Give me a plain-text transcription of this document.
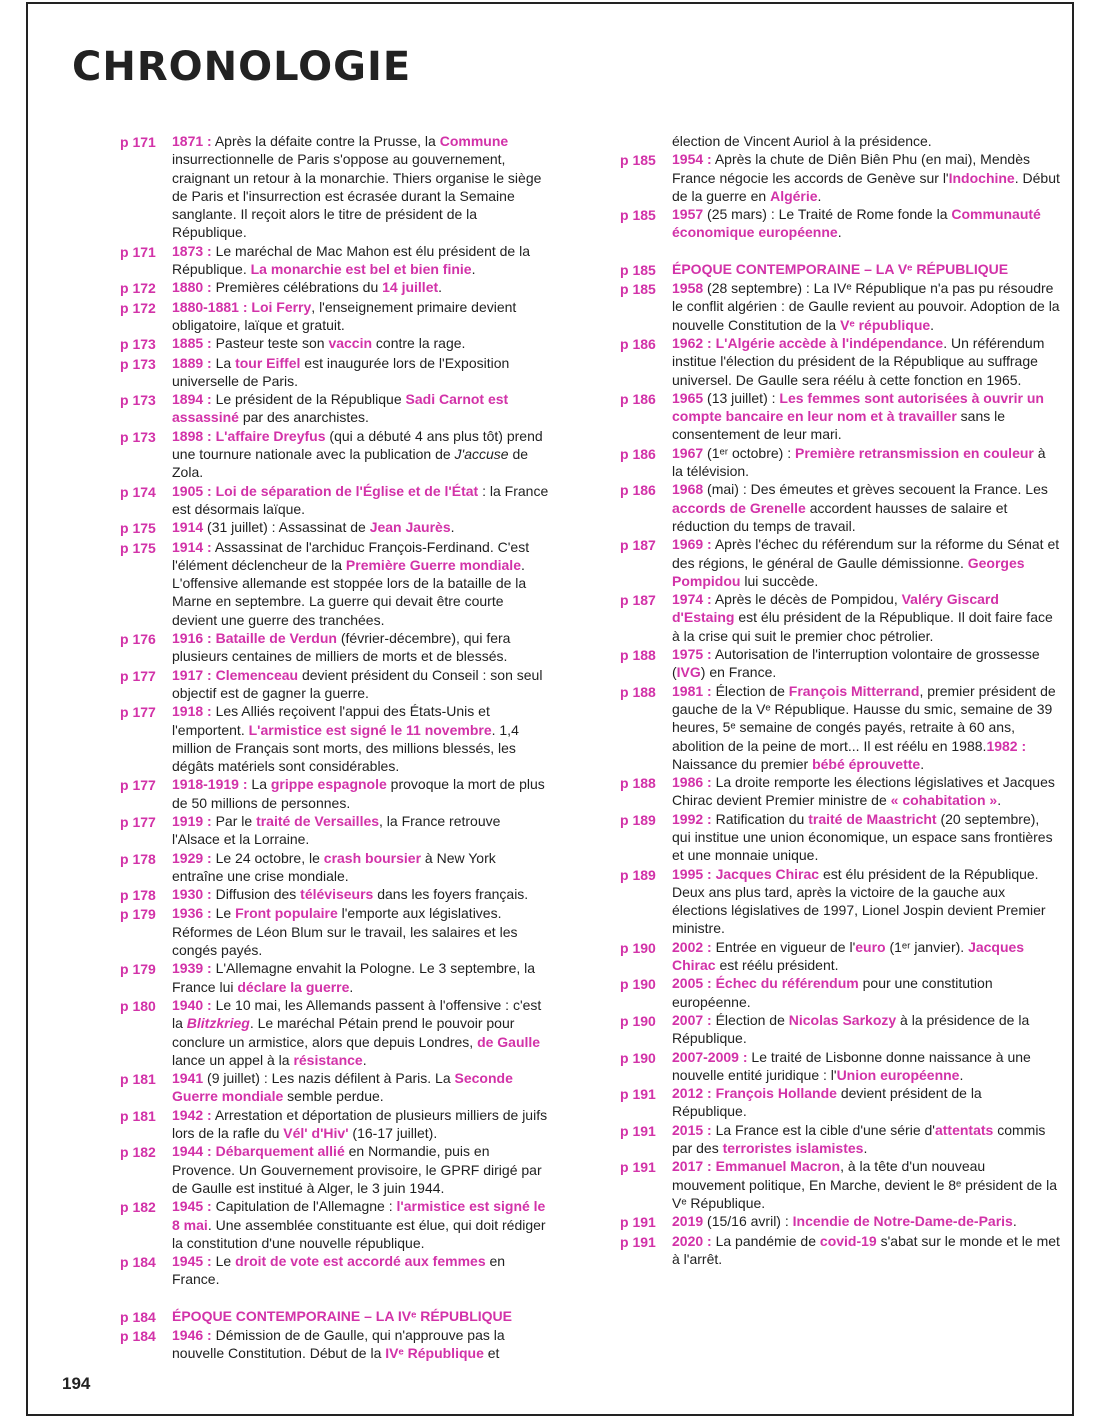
CHRONOLOGIE
p 171	1871 : Après la défaite contre la Prusse, la Commune insurrectionnelle de Paris s'oppose au gouvernement, craignant un retour à la monarchie. Thiers organise le siège de Paris et l'insurrection est écrasée durant la Semaine sanglante. Il reçoit alors le titre de président de la République.
p 171	1873 : Le maréchal de Mac Mahon est élu président de la République. La monarchie est bel et bien finie.
p 172	1880 : Premières célébrations du 14 juillet.
p 172	1880-1881 : Loi Ferry, l'enseignement primaire devient obligatoire, laïque et gratuit.
p 173	1885 : Pasteur teste son vaccin contre la rage.
p 173	1889 : La tour Eiffel est inaugurée lors de l'Exposition universelle de Paris.
p 173	1894 : Le président de la République Sadi Carnot est assassiné par des anarchistes.
p 173	1898 : L'affaire Dreyfus (qui a débuté 4 ans plus tôt) prend une tournure nationale avec la publication de J'accuse de Zola.
p 174	1905 : Loi de séparation de l'Église et de l'État : la France est désormais laïque.
p 175	1914 (31 juillet) : Assassinat de Jean Jaurès.
p 175	1914 : Assassinat de l'archiduc François-Ferdinand. C'est l'élément déclencheur de la Première Guerre mondiale. L'offensive allemande est stoppée lors de la bataille de la Marne en septembre. La guerre qui devait être courte devient une guerre des tranchées.
p 176	1916 : Bataille de Verdun (février-décembre), qui fera plusieurs centaines de milliers de morts et de blessés.
p 177	1917 : Clemenceau devient président du Conseil : son seul objectif est de gagner la guerre.
p 177	1918 : Les Alliés reçoivent l'appui des États-Unis et l'emportent. L'armistice est signé le 11 novembre. 1,4 million de Français sont morts, des millions blessés, les dégâts matériels sont considérables.
p 177	1918-1919 : La grippe espagnole provoque la mort de plus de 50 millions de personnes.
p 177	1919 : Par le traité de Versailles, la France retrouve l'Alsace et la Lorraine.
p 178	1929 : Le 24 octobre, le crash boursier à New York entraîne une crise mondiale.
p 178	1930 : Diffusion des téléviseurs dans les foyers français.
p 179	1936 : Le Front populaire l'emporte aux législatives. Réformes de Léon Blum sur le travail, les salaires et les congés payés.
p 179	1939 : L'Allemagne envahit la Pologne. Le 3 septembre, la France lui déclare la guerre.
p 180	1940 : Le 10 mai, les Allemands passent à l'offensive : c'est la Blitzkrieg. Le maréchal Pétain prend le pouvoir pour conclure un armistice, alors que depuis Londres, de Gaulle lance un appel à la résistance.
p 181	1941 (9 juillet) : Les nazis défilent à Paris. La Seconde Guerre mondiale semble perdue.
p 181	1942 : Arrestation et déportation de plusieurs milliers de juifs lors de la rafle du Vél' d'Hiv' (16-17 juillet).
p 182	1944 : Débarquement allié en Normandie, puis en Provence. Un Gouvernement provisoire, le GPRF dirigé par de Gaulle est institué à Alger, le 3 juin 1944.
p 182	1945 : Capitulation de l'Allemagne : l'armistice est signé le 8 mai. Une assemblée constituante est élue, qui doit rédiger la constitution d'une nouvelle république.
p 184	1945 : Le droit de vote est accordé aux femmes en France.
p 184	ÉPOQUE CONTEMPORAINE – LA IVᵉ RÉPUBLIQUE
p 184	1946 : Démission de de Gaulle, qui n'approuve pas la nouvelle Constitution. Début de la IVᵉ République et
élection de Vincent Auriol à la présidence.
p 185	1954 : Après la chute de Diên Biên Phu (en mai), Mendès France négocie les accords de Genève sur l'Indochine. Début de la guerre en Algérie.
p 185	1957 (25 mars) : Le Traité de Rome fonde la Communauté économique européenne.
p 185	ÉPOQUE CONTEMPORAINE – LA Vᵉ RÉPUBLIQUE
p 185	1958 (28 septembre) : La IVᵉ République n'a pas pu résoudre le conflit algérien : de Gaulle revient au pouvoir. Adoption de la nouvelle Constitution de la Vᵉ république.
p 186	1962 : L'Algérie accède à l'indépendance. Un référendum institue l'élection du président de la République au suffrage universel. De Gaulle sera réélu à cette fonction en 1965.
p 186	1965 (13 juillet) : Les femmes sont autorisées à ouvrir un compte bancaire en leur nom et à travailler sans le consentement de leur mari.
p 186	1967 (1ᵉʳ octobre) : Première retransmission en couleur à la télévision.
p 186	1968 (mai) : Des émeutes et grèves secouent la France. Les accords de Grenelle accordent hausses de salaire et réduction du temps de travail.
p 187	1969 : Après l'échec du référendum sur la réforme du Sénat et des régions, le général de Gaulle démissionne. Georges Pompidou lui succède.
p 187	1974 : Après le décès de Pompidou, Valéry Giscard d'Estaing est élu président de la République. Il doit faire face à la crise qui suit le premier choc pétrolier.
p 188	1975 : Autorisation de l'interruption volontaire de grossesse (IVG) en France.
p 188	1981 : Élection de François Mitterrand, premier président de gauche de la Vᵉ République. Hausse du smic, semaine de 39 heures, 5ᵉ semaine de congés payés, retraite à 60 ans, abolition de la peine de mort... Il est réélu en 1988.1982 : Naissance du premier bébé éprouvette.
p 188	1986 : La droite remporte les élections législatives et Jacques Chirac devient Premier ministre de « cohabitation ».
p 189	1992 : Ratification du traité de Maastricht (20 septembre), qui institue une union économique, un espace sans frontières et une monnaie unique.
p 189	1995 : Jacques Chirac est élu président de la République. Deux ans plus tard, après la victoire de la gauche aux élections législatives de 1997, Lionel Jospin devient Premier ministre.
p 190	2002 : Entrée en vigueur de l'euro (1ᵉʳ janvier). Jacques Chirac est réélu président.
p 190	2005 : Échec du référendum pour une constitution européenne.
p 190	2007 : Élection de Nicolas Sarkozy à la présidence de la République.
p 190	2007-2009 : Le traité de Lisbonne donne naissance à une nouvelle entité juridique : l'Union européenne.
p 191	2012 : François Hollande devient président de la République.
p 191	2015 : La France est la cible d'une série d'attentats commis par des terroristes islamistes.
p 191	2017 : Emmanuel Macron, à la tête d'un nouveau mouvement politique, En Marche, devient le 8ᵉ président de la Vᵉ République.
p 191	2019 (15/16 avril) : Incendie de Notre-Dame-de-Paris.
p 191	2020 : La pandémie de covid-19 s'abat sur le monde et le met à l'arrêt.
194
